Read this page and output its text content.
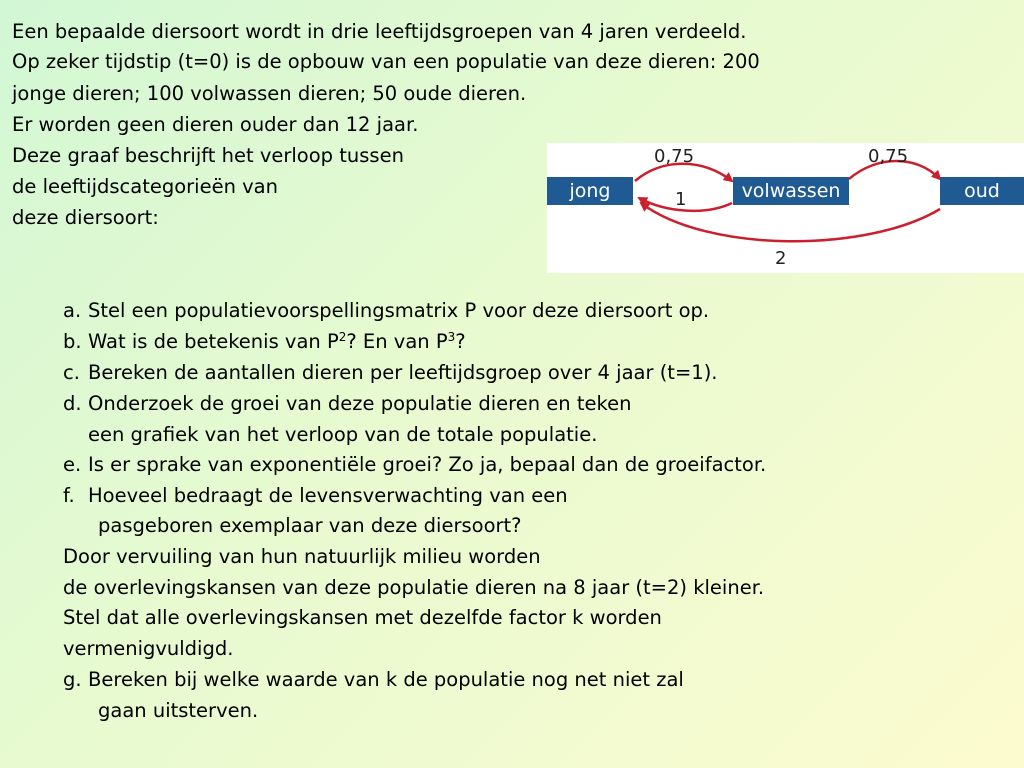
Een bepaalde diersoort wordt in drie leeftijdsgroepen van 4 jaren verdeeld.

Op zeker tijdstip (t=0) is de opbouw van een populatie van deze dieren: 200

jonge dieren; 100 volwassen dieren; 50 oude dieren.

Er worden geen dieren ouder dan 12 jaar.

Deze graaf beschrijft het verloop tussen

de leeftijdscategorieën van

deze diersoort:

jong	volwassen	oud
0,75	0,75
1
2

a. Stel een populatievoorspellingsmatrix P voor deze diersoort op.

b. Wat is de betekenis van $P^2$? En van $P^3$?

c. Bereken de aantallen dieren per leeftijdsgroep over 4 jaar (t=1).

d. Onderzoek de groei van deze populatie dieren en teken

een grafiek van het verloop van de totale populatie.

e. Is er sprake van exponentiële groei? Zo ja, bepaal dan de groeifactor.

f. Hoeveel bedraagt de levensverwachting van een

pasgeboren exemplaar van deze diersoort?

Door vervuiling van hun natuurlijk milieu worden

de overlevingskansen van deze populatie dieren na 8 jaar (t=2) kleiner.

Stel dat alle overlevingskansen met dezelfde factor k worden

vermenigvuldigd.

g. Bereken bij welke waarde van k de populatie nog net niet zal

gaan uitsterven.
